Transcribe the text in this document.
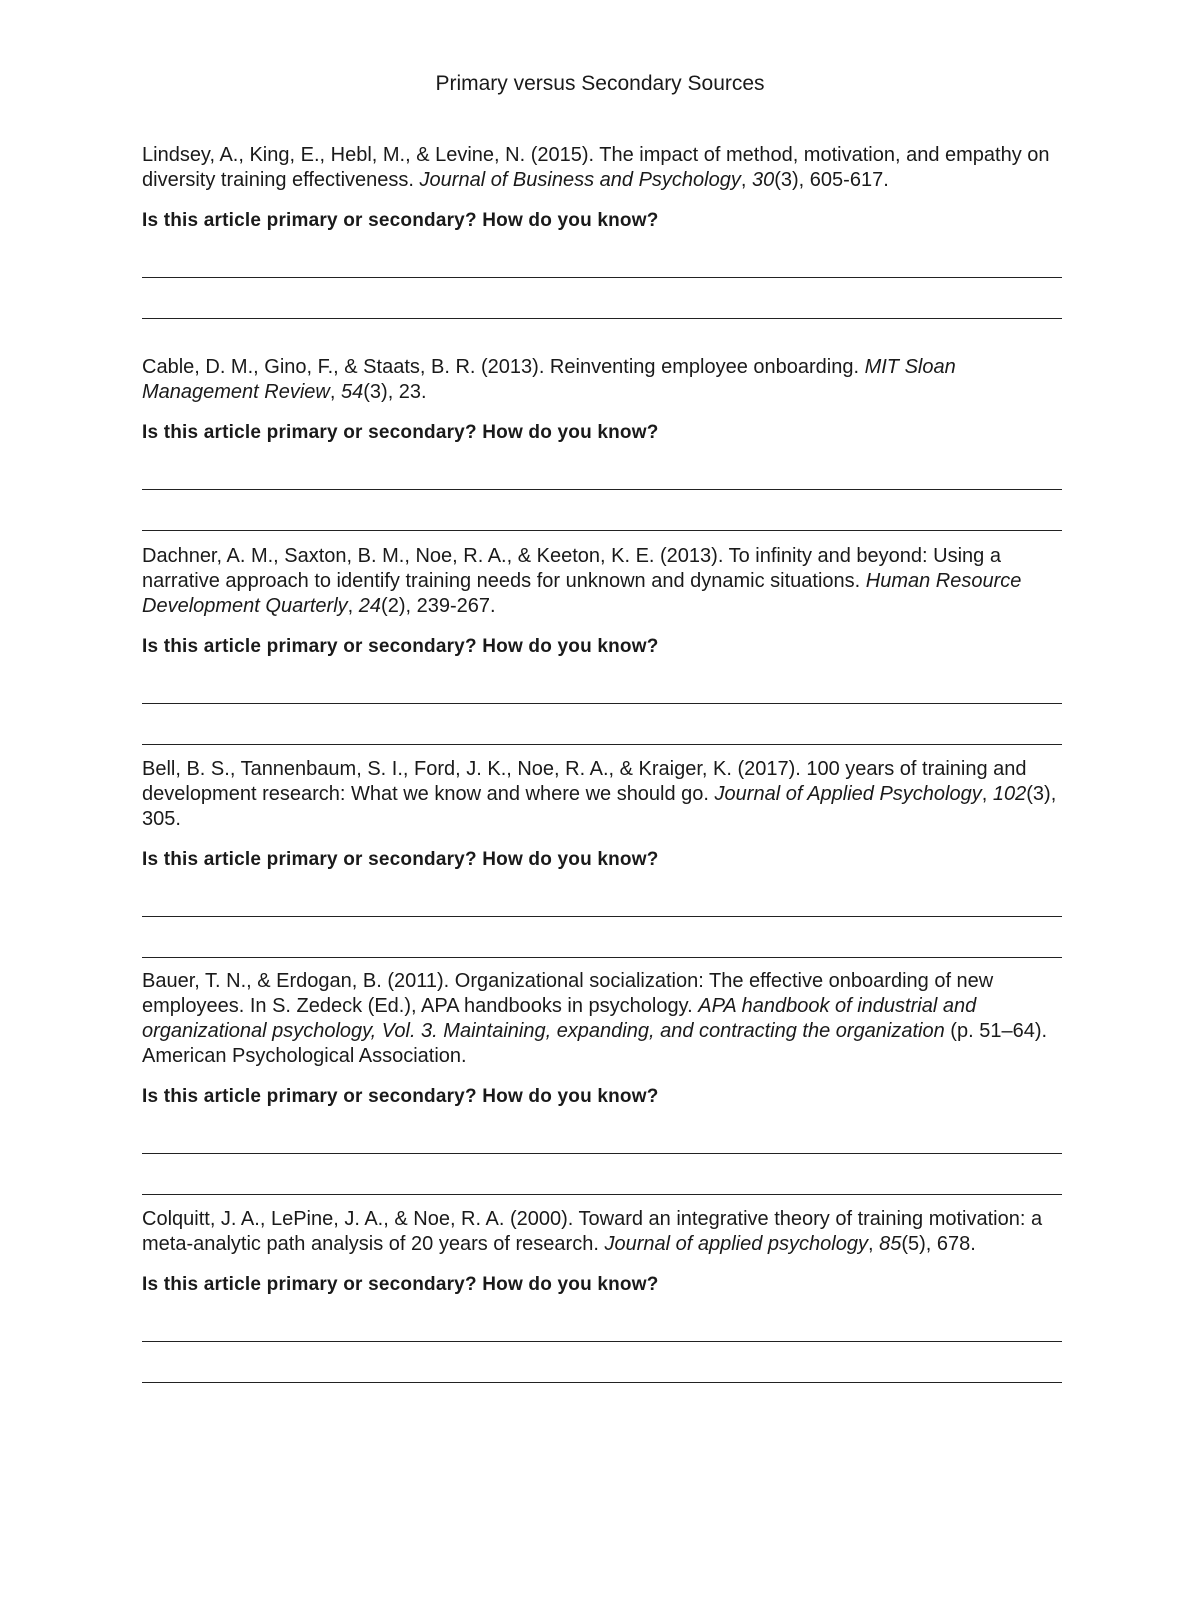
Primary versus Secondary Sources

Lindsey, A., King, E., Hebl, M., & Levine, N. (2015). The impact of method, motivation, and empathy on diversity training effectiveness. Journal of Business and Psychology, 30(3), 605-617.

Is this article primary or secondary? How do you know?

Cable, D. M., Gino, F., & Staats, B. R. (2013). Reinventing employee onboarding. MIT Sloan Management Review, 54(3), 23.

Is this article primary or secondary? How do you know?

Dachner, A. M., Saxton, B. M., Noe, R. A., & Keeton, K. E. (2013). To infinity and beyond: Using a narrative approach to identify training needs for unknown and dynamic situations. Human Resource Development Quarterly, 24(2), 239-267.

Is this article primary or secondary? How do you know?

Bell, B. S., Tannenbaum, S. I., Ford, J. K., Noe, R. A., & Kraiger, K. (2017). 100 years of training and development research: What we know and where we should go. Journal of Applied Psychology, 102(3), 305.

Is this article primary or secondary? How do you know?

Bauer, T. N., & Erdogan, B. (2011). Organizational socialization: The effective onboarding of new employees. In S. Zedeck (Ed.), APA handbooks in psychology. APA handbook of industrial and organizational psychology, Vol. 3. Maintaining, expanding, and contracting the organization (p. 51–64). American Psychological Association.

Is this article primary or secondary? How do you know?

Colquitt, J. A., LePine, J. A., & Noe, R. A. (2000). Toward an integrative theory of training motivation: a meta-analytic path analysis of 20 years of research. Journal of applied psychology, 85(5), 678.

Is this article primary or secondary? How do you know?
